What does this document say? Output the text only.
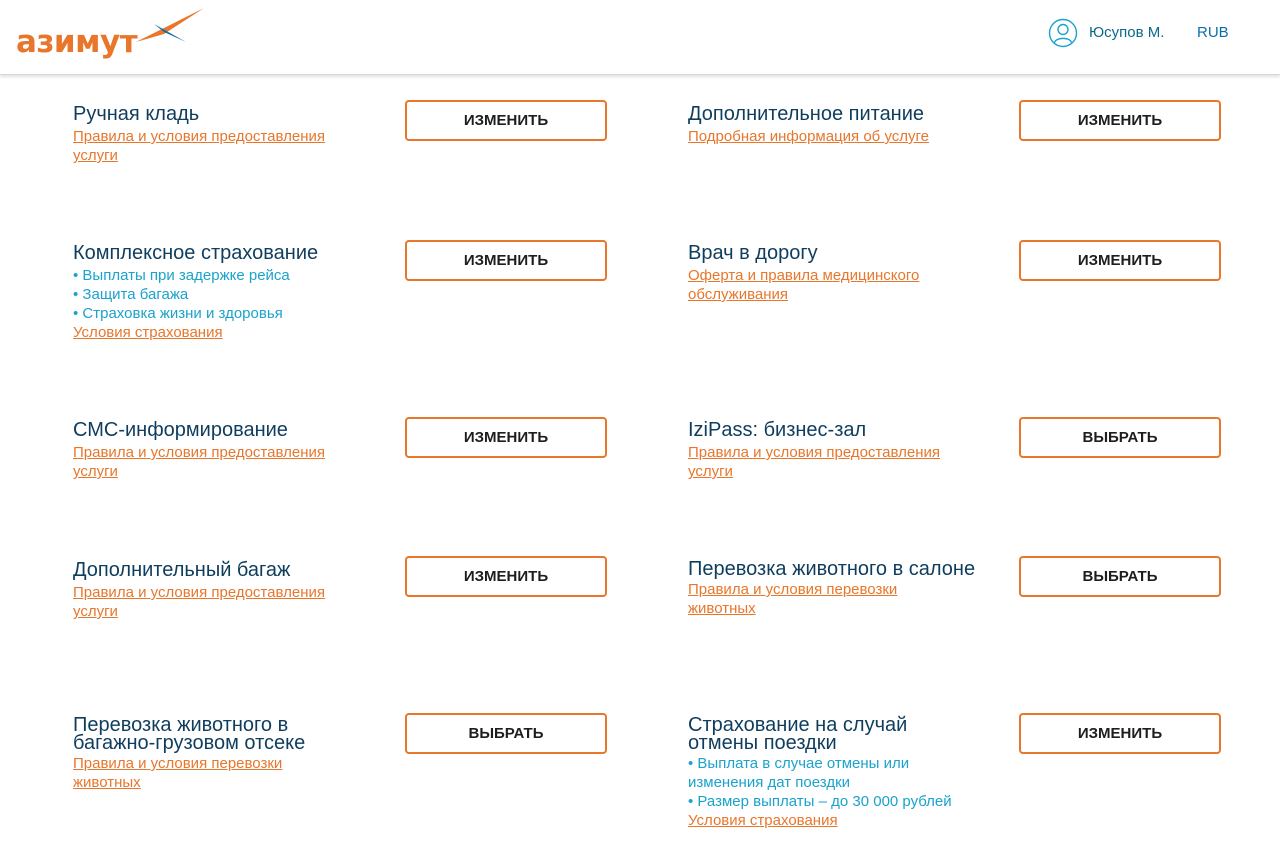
азимут	Юсупов М. RUB
Ручная кладь
Правила и условия предоставления услуги
ИЗМЕНИТЬ	Дополнительное питание
Подробная информация об услуге
ИЗМЕНИТЬ
Комплексное страхование
• Выплаты при задержке рейса
• Защита багажа
• Страховка жизни и здоровья
Условия страхования
ИЗМЕНИТЬ	Врач в дорогу
Оферта и правила медицинского обслуживания
ИЗМЕНИТЬ
СМС-информирование
Правила и условия предоставления услуги
ИЗМЕНИТЬ	IziPass: бизнес-зал
Правила и условия предоставления услуги
ВЫБРАТЬ
Дополнительный багаж
Правила и условия предоставления услуги
ИЗМЕНИТЬ	Перевозка животного в салоне
Правила и условия перевозки животных
ВЫБРАТЬ
Перевозка животного в багажно-грузовом отсеке
Правила и условия перевозки животных
ВЫБРАТЬ	Страхование на случай отмены поездки
• Выплата в случае отмены или изменения дат поездки
• Размер выплаты – до 30 000 рублей
Условия страхования
ИЗМЕНИТЬ
